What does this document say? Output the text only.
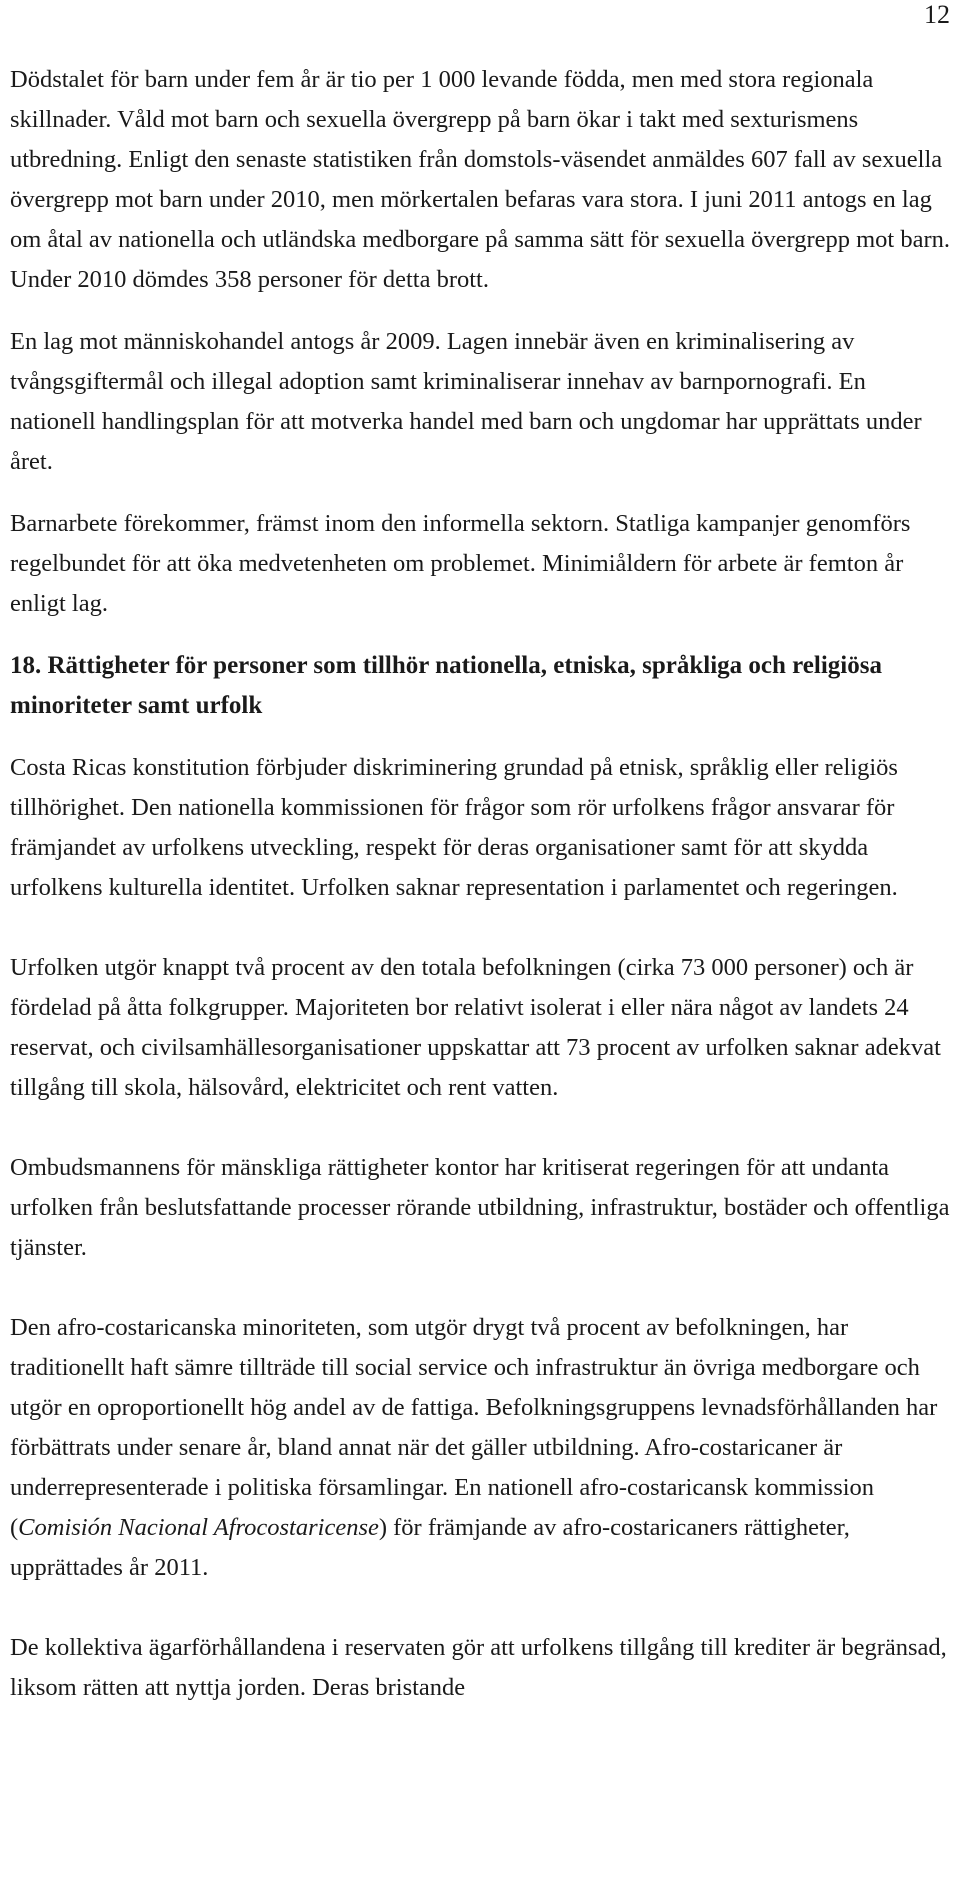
12

Dödstalet för barn under fem år är tio per 1 000 levande födda, men med stora regionala skillnader. Våld mot barn och sexuella övergrepp på barn ökar i takt med sexturismens utbredning. Enligt den senaste statistiken från domstols-väsendet anmäldes 607 fall av sexuella övergrepp mot barn under 2010, men mörkertalen befaras vara stora. I juni 2011 antogs en lag om åtal av nationella och utländska medborgare på samma sätt för sexuella övergrepp mot barn. Under 2010 dömdes 358 personer för detta brott.

En lag mot människohandel antogs år 2009. Lagen innebär även en kriminalisering av tvångsgiftermål och illegal adoption samt kriminaliserar innehav av barnpornografi. En nationell handlingsplan för att motverka handel med barn och ungdomar har upprättats under året.

Barnarbete förekommer, främst inom den informella sektorn. Statliga kampanjer genomförs regelbundet för att öka medvetenheten om problemet. Minimiåldern för arbete är femton år enligt lag.

18. Rättigheter för personer som tillhör nationella, etniska, språkliga och religiösa minoriteter samt urfolk

Costa Ricas konstitution förbjuder diskriminering grundad på etnisk, språklig eller religiös tillhörighet. Den nationella kommissionen för frågor som rör urfolkens frågor ansvarar för främjandet av urfolkens utveckling, respekt för deras organisationer samt för att skydda urfolkens kulturella identitet. Urfolken saknar representation i parlamentet och regeringen.

Urfolken utgör knappt två procent av den totala befolkningen (cirka 73 000 personer) och är fördelad på åtta folkgrupper. Majoriteten bor relativt isolerat i eller nära något av landets 24 reservat, och civilsamhällesorganisationer uppskattar att 73 procent av urfolken saknar adekvat tillgång till skola, hälsovård, elektricitet och rent vatten.

Ombudsmannens för mänskliga rättigheter kontor har kritiserat regeringen för att undanta urfolken från beslutsfattande processer rörande utbildning, infrastruktur, bostäder och offentliga tjänster.

Den afro-costaricanska minoriteten, som utgör drygt två procent av befolkningen, har traditionellt haft sämre tillträde till social service och infrastruktur än övriga medborgare och utgör en oproportionellt hög andel av de fattiga. Befolkningsgruppens levnadsförhållanden har förbättrats under senare år, bland annat när det gäller utbildning. Afro-costaricaner är underrepresenterade i politiska församlingar. En nationell afro-costaricansk kommission (Comisión Nacional Afrocostaricense) för främjande av afro-costaricaners rättigheter, upprättades år 2011.

De kollektiva ägarförhållandena i reservaten gör att urfolkens tillgång till krediter är begränsad, liksom rätten att nyttja jorden. Deras bristande
